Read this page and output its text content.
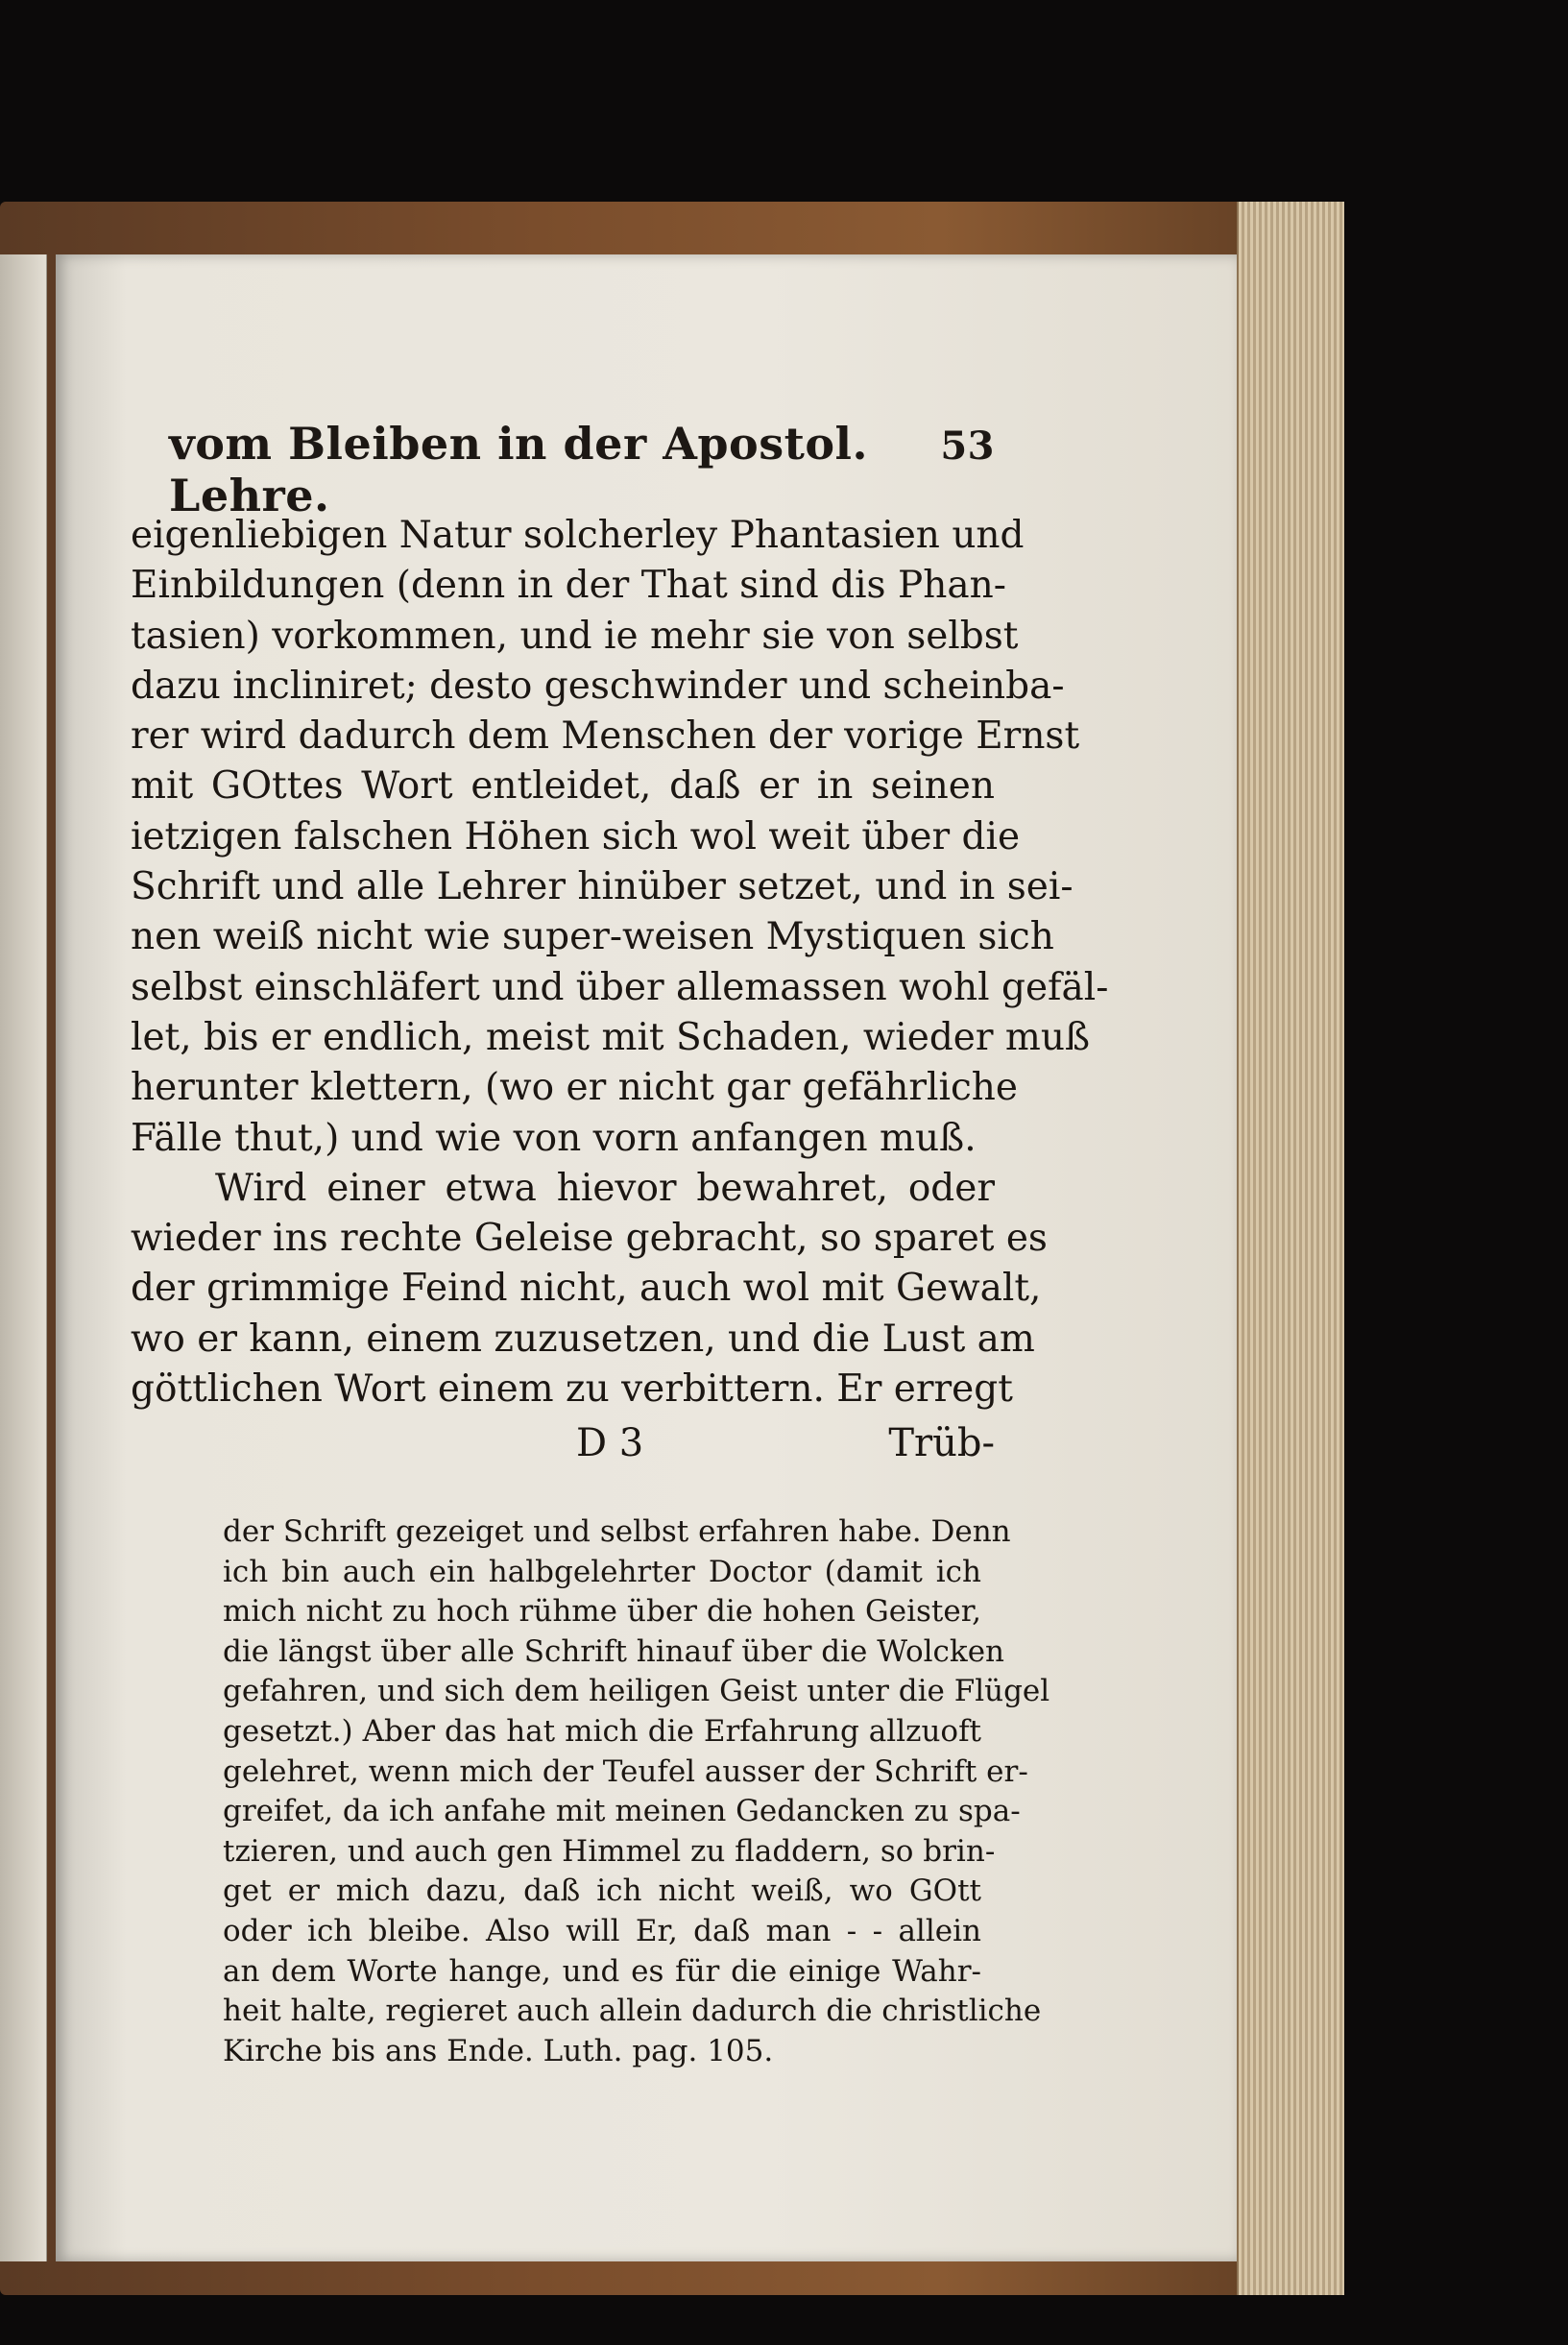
vom Bleiben in der Apostol. Lehre.
53
eigenliebigen Natur solcherley Phantasien und
Einbildungen (denn in der That sind dis Phan-
tasien) vorkommen, und ie mehr sie von selbst
dazu incliniret; desto geschwinder und scheinba-
rer wird dadurch dem Menschen der vorige Ernst
mit GOttes Wort entleidet, daß er in seinen
ietzigen falschen Höhen sich wol weit über die
Schrift und alle Lehrer hinüber setzet, und in sei-
nen weiß nicht wie super-weisen Mystiquen sich
selbst einschläfert und über allemassen wohl gefäl-
let, bis er endlich, meist mit Schaden, wieder muß
herunter klettern, (wo er nicht gar gefährliche
Fälle thut,) und wie von vorn anfangen muß.
Wird einer etwa hievor bewahret, oder
wieder ins rechte Geleise gebracht, so sparet es
der grimmige Feind nicht, auch wol mit Gewalt,
wo er kann, einem zuzusetzen, und die Lust am
göttlichen Wort einem zu verbittern. Er erregt
D 3	Trüb-
der Schrift gezeiget und selbst erfahren habe. Denn
ich bin auch ein halbgelehrter Doctor (damit ich
mich nicht zu hoch rühme über die hohen Geister,
die längst über alle Schrift hinauf über die Wolcken
gefahren, und sich dem heiligen Geist unter die Flügel
gesetzt.) Aber das hat mich die Erfahrung allzuoft
gelehret, wenn mich der Teufel ausser der Schrift er-
greifet, da ich anfahe mit meinen Gedancken zu spa-
tzieren, und auch gen Himmel zu fladdern, so brin-
get er mich dazu, daß ich nicht weiß, wo GOtt
oder ich bleibe. Also will Er, daß man - - allein
an dem Worte hange, und es für die einige Wahr-
heit halte, regieret auch allein dadurch die christliche
Kirche bis ans Ende. Luth. pag. 105.
